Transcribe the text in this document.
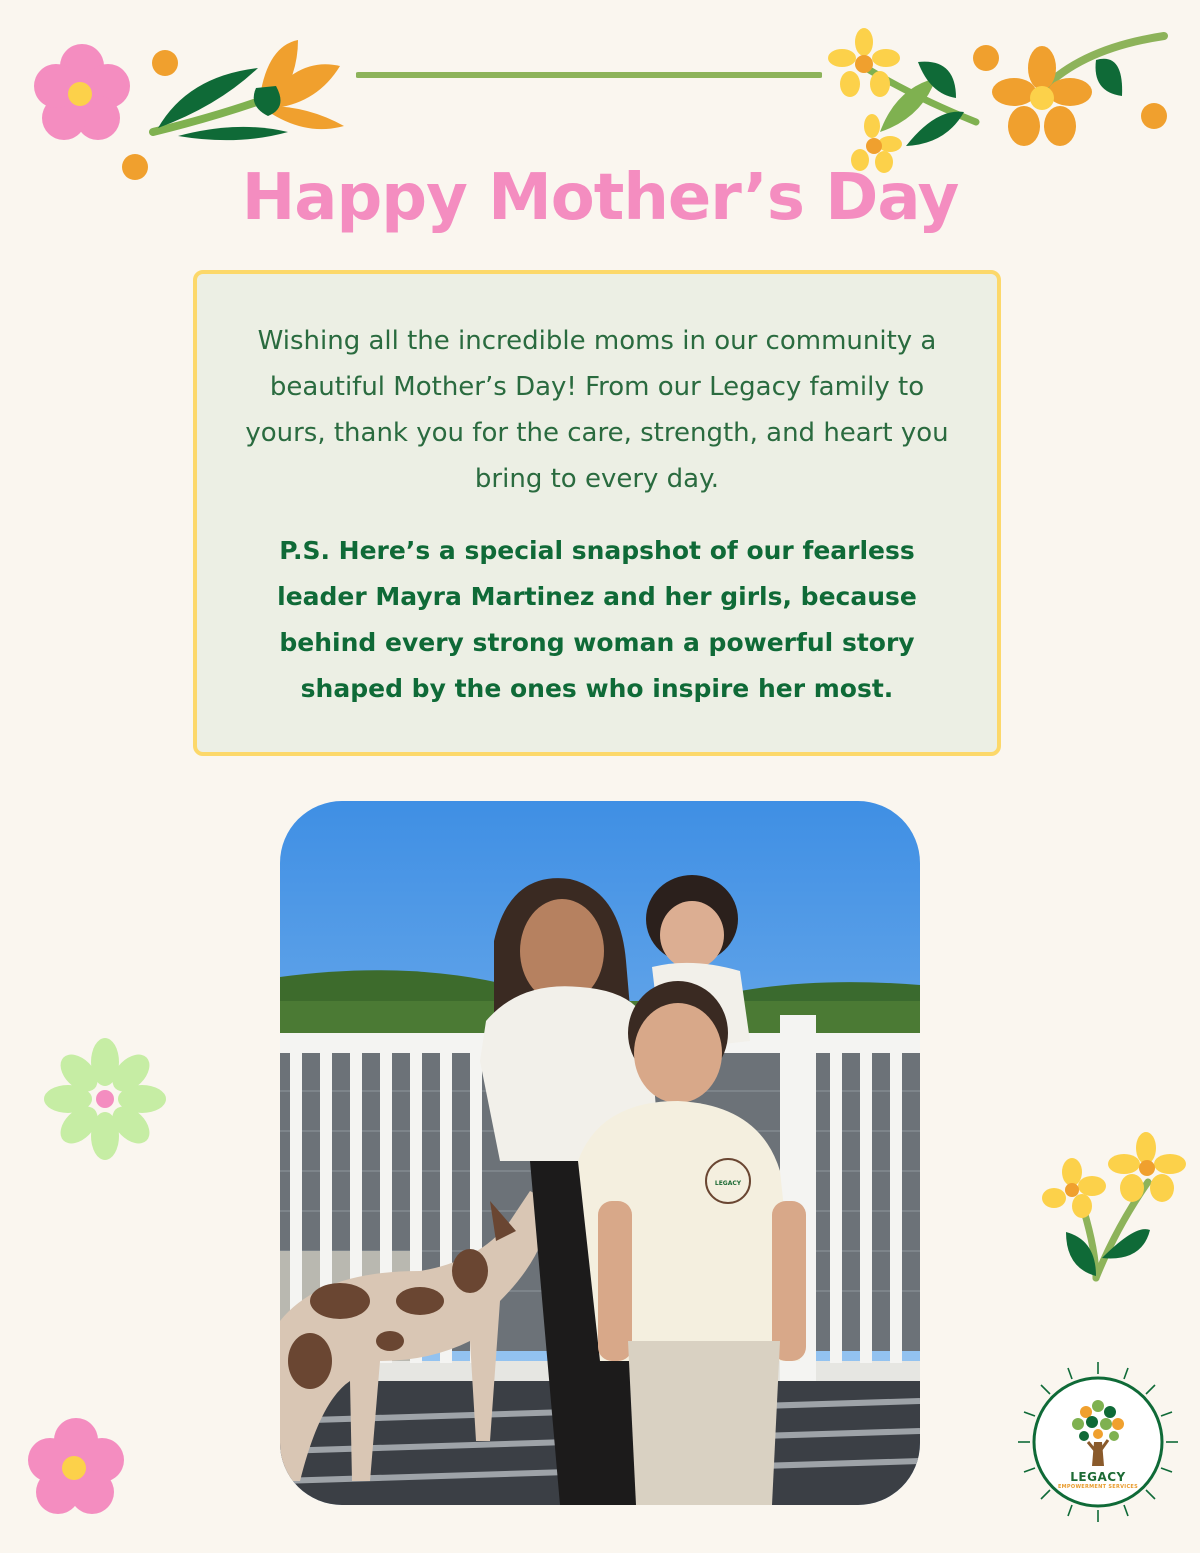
Happy Mother’s Day

Wishing all the incredible moms in our community a beautiful Mother’s Day! From our Legacy family to yours, thank you for the care, strength, and heart you bring to every day.

P.S. Here’s a special snapshot of our fearless leader Mayra Martinez and her girls, because behind every strong woman a powerful story shaped by the ones who inspire her most.

LEGACY
LEGACY
EMPOWERMENT SERVICES
